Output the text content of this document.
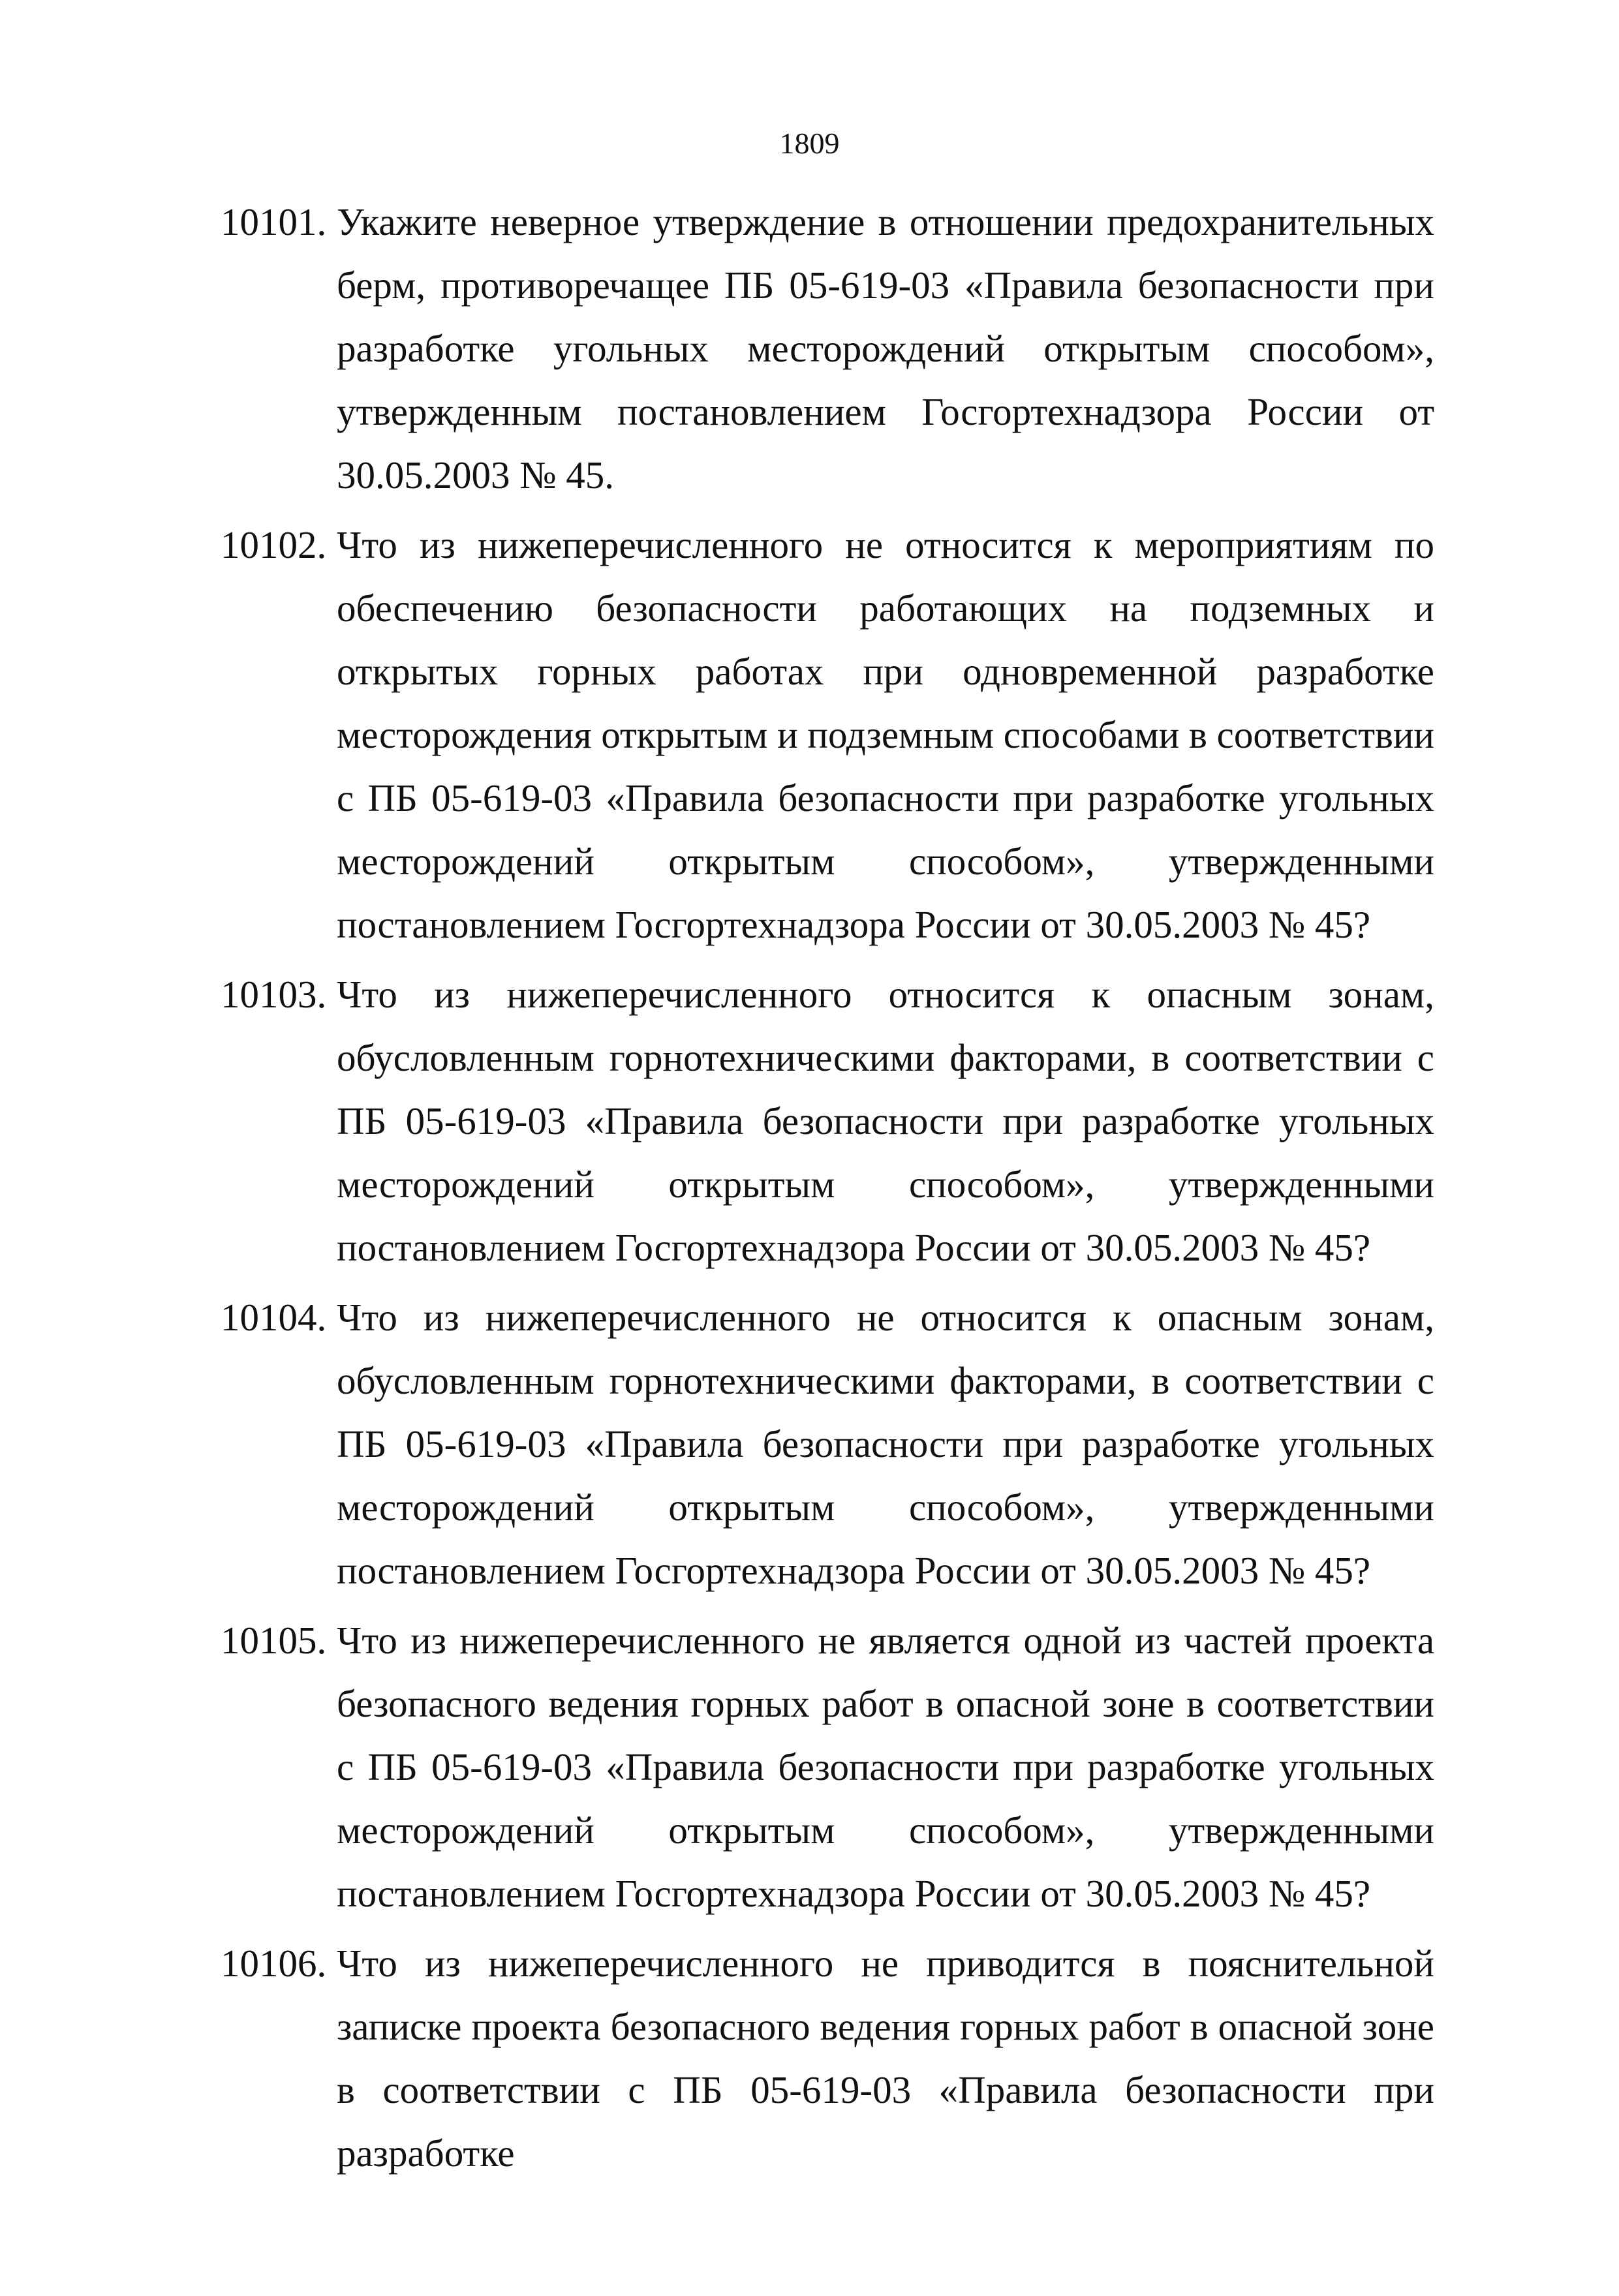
1809
10101. Укажите неверное утверждение в отношении предохранительных берм, противоречащее ПБ 05-619-03 «Правила безопасности при разработке угольных месторождений открытым способом», утвержденным постановлением Госгортехнадзора России от 30.05.2003 № 45.
10102. Что из нижеперечисленного не относится к мероприятиям по обеспечению безопасности работающих на подземных и открытых горных работах при одновременной разработке месторождения открытым и подземным способами в соответствии с ПБ 05-619-03 «Правила безопасности при разработке угольных месторождений открытым способом», утвержденными постановлением Госгортехнадзора России от 30.05.2003 № 45?
10103. Что из нижеперечисленного относится к опасным зонам, обусловленным горнотехническими факторами, в соответствии с ПБ 05-619-03 «Правила безопасности при разработке угольных месторождений открытым способом», утвержденными постановлением Госгортехнадзора России от 30.05.2003 № 45?
10104. Что из нижеперечисленного не относится к опасным зонам, обусловленным горнотехническими факторами, в соответствии с ПБ 05-619-03 «Правила безопасности при разработке угольных месторождений открытым способом», утвержденными постановлением Госгортехнадзора России от 30.05.2003 № 45?
10105. Что из нижеперечисленного не является одной из частей проекта безопасного ведения горных работ в опасной зоне в соответствии с ПБ 05-619-03 «Правила безопасности при разработке угольных месторождений открытым способом», утвержденными постановлением Госгортехнадзора России от 30.05.2003 № 45?
10106. Что из нижеперечисленного не приводится в пояснительной записке проекта безопасного ведения горных работ в опасной зоне в соответствии с ПБ 05-619-03 «Правила безопасности при разработке
